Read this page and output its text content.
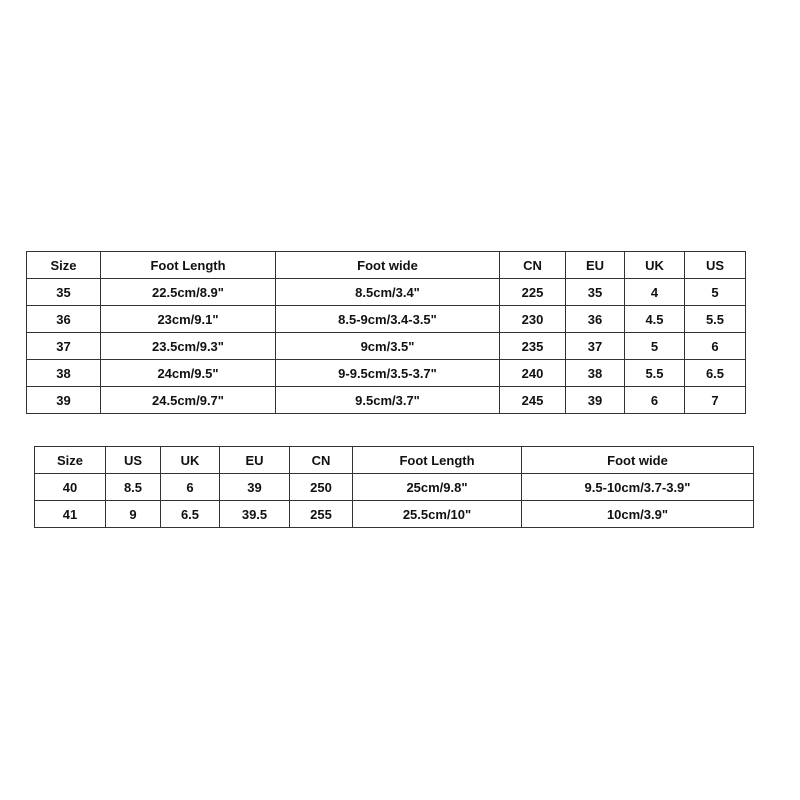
Size	Foot Length	Foot wide	CN	EU	UK	US
35	22.5cm/8.9"	8.5cm/3.4"	225	35	4	5
36	23cm/9.1"	8.5-9cm/3.4-3.5"	230	36	4.5	5.5
37	23.5cm/9.3"	9cm/3.5"	235	37	5	6
38	24cm/9.5"	9-9.5cm/3.5-3.7"	240	38	5.5	6.5
39	24.5cm/9.7"	9.5cm/3.7"	245	39	6	7
Size	US	UK	EU	CN	Foot Length	Foot wide
40	8.5	6	39	250	25cm/9.8"	9.5-10cm/3.7-3.9"
41	9	6.5	39.5	255	25.5cm/10"	10cm/3.9"
